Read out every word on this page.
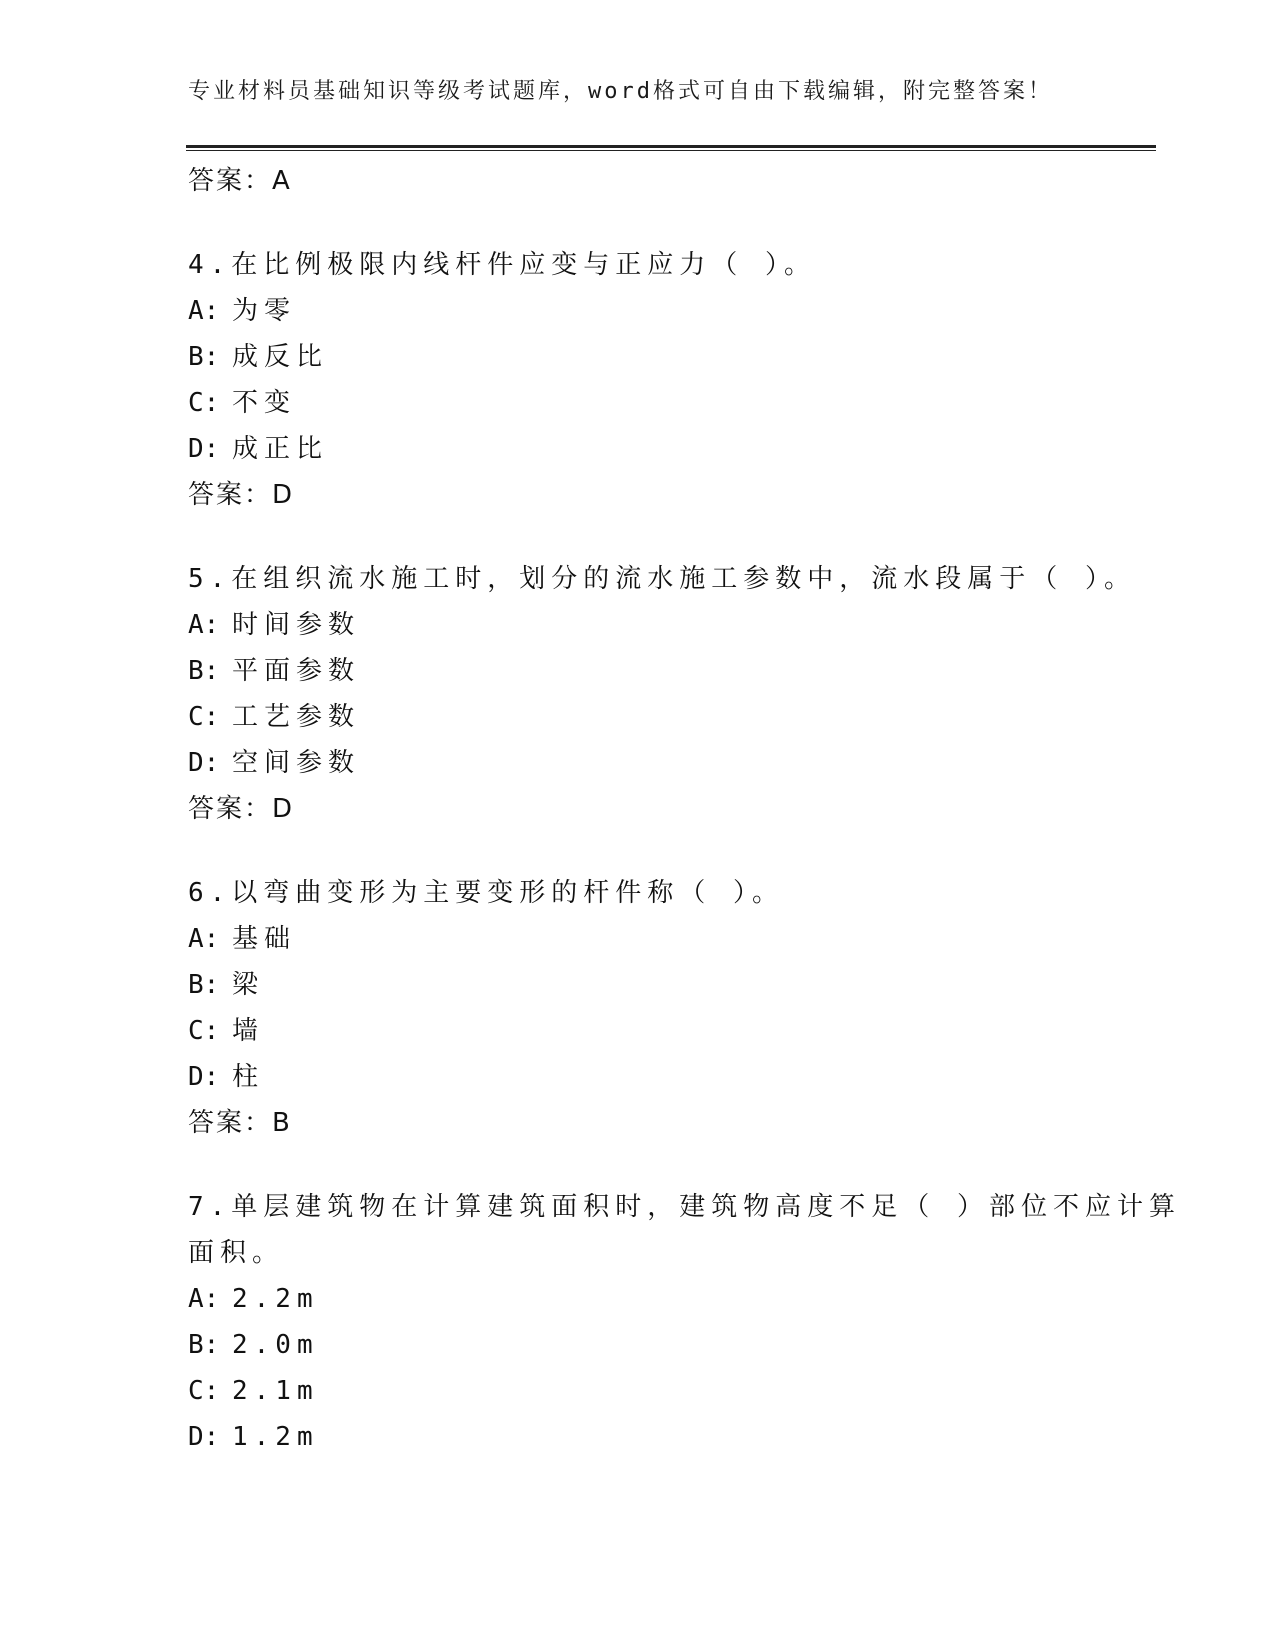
专业材料员基础知识等级考试题库，word格式可自由下载编辑，附完整答案！
答案：A
4.在比例极限内线杆件应变与正应力（ ）。
A: 为零
B: 成反比
C: 不变
D: 成正比
答案：D
5.在组织流水施工时，划分的流水施工参数中，流水段属于（ ）。
A: 时间参数
B: 平面参数
C: 工艺参数
D: 空间参数
答案：D
6.以弯曲变形为主要变形的杆件称（ ）。
A: 基础
B: 梁
C: 墙
D: 柱
答案：B
7.单层建筑物在计算建筑面积时，建筑物高度不足（ ）部位不应计算
面积。
A: 2.2m
B: 2.0m
C: 2.1m
D: 1.2m
